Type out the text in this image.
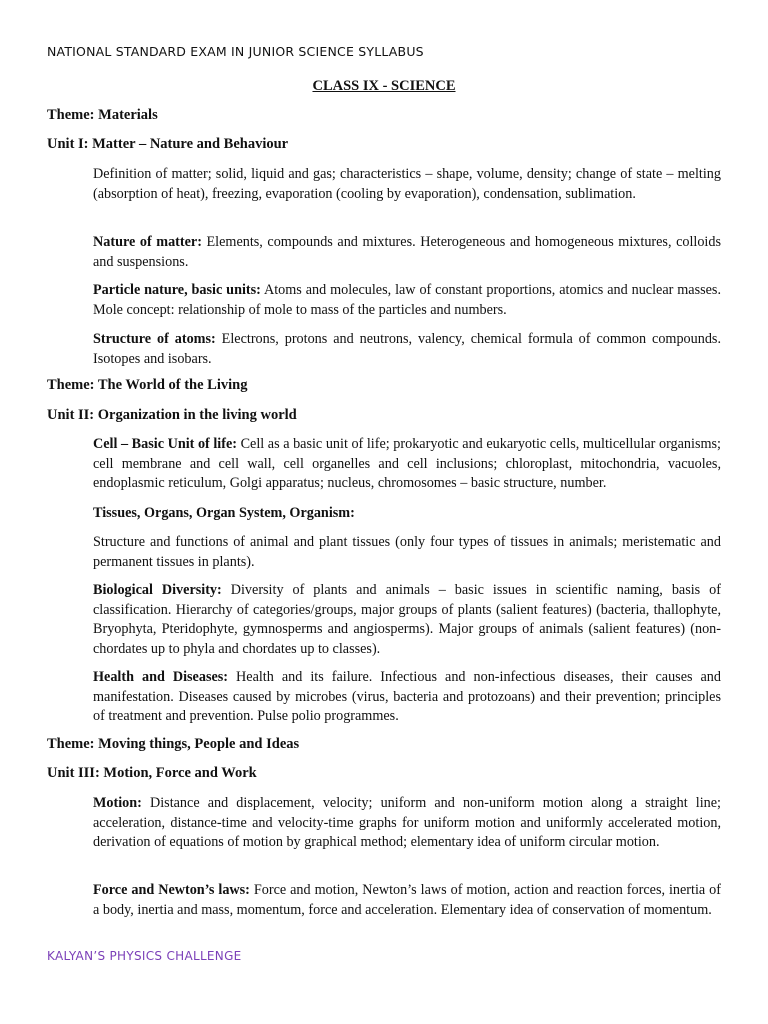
NATIONAL STANDARD EXAM IN JUNIOR SCIENCE SYLLABUS
CLASS IX - SCIENCE
Theme: Materials
Unit I: Matter – Nature and Behaviour

Definition of matter; solid, liquid and gas; characteristics – shape, volume, density; change of state – melting (absorption of heat), freezing, evaporation (cooling by evaporation), condensation, sublimation.

Nature of matter: Elements, compounds and mixtures. Heterogeneous and homogeneous mixtures, colloids and suspensions.

Particle nature, basic units: Atoms and molecules, law of constant proportions, atomics and nuclear masses. Mole concept: relationship of mole to mass of the particles and numbers.

Structure of atoms: Electrons, protons and neutrons, valency, chemical formula of common compounds. Isotopes and isobars.

Theme: The World of the Living
Unit II: Organization in the living world

Cell – Basic Unit of life: Cell as a basic unit of life; prokaryotic and eukaryotic cells, multicellular organisms; cell membrane and cell wall, cell organelles and cell inclusions; chloroplast, mitochondria, vacuoles, endoplasmic reticulum, Golgi apparatus; nucleus, chromosomes – basic structure, number.

Tissues, Organs, Organ System, Organism:

Structure and functions of animal and plant tissues (only four types of tissues in animals; meristematic and permanent tissues in plants).

Biological Diversity: Diversity of plants and animals – basic issues in scientific naming, basis of classification. Hierarchy of categories/groups, major groups of plants (salient features) (bacteria, thallophyte, Bryophyta, Pteridophyte, gymnosperms and angiosperms). Major groups of animals (salient features) (non-chordates up to phyla and chordates up to classes).

Health and Diseases: Health and its failure. Infectious and non-infectious diseases, their causes and manifestation. Diseases caused by microbes (virus, bacteria and protozoans) and their prevention; principles of treatment and prevention. Pulse polio programmes.

Theme: Moving things, People and Ideas
Unit III: Motion, Force and Work

Motion: Distance and displacement, velocity; uniform and non-uniform motion along a straight line; acceleration, distance-time and velocity-time graphs for uniform motion and uniformly accelerated motion, derivation of equations of motion by graphical method; elementary idea of uniform circular motion.

Force and Newton’s laws: Force and motion, Newton’s laws of motion, action and reaction forces, inertia of a body, inertia and mass, momentum, force and acceleration. Elementary idea of conservation of momentum.

KALYAN’S PHYSICS CHALLENGE
